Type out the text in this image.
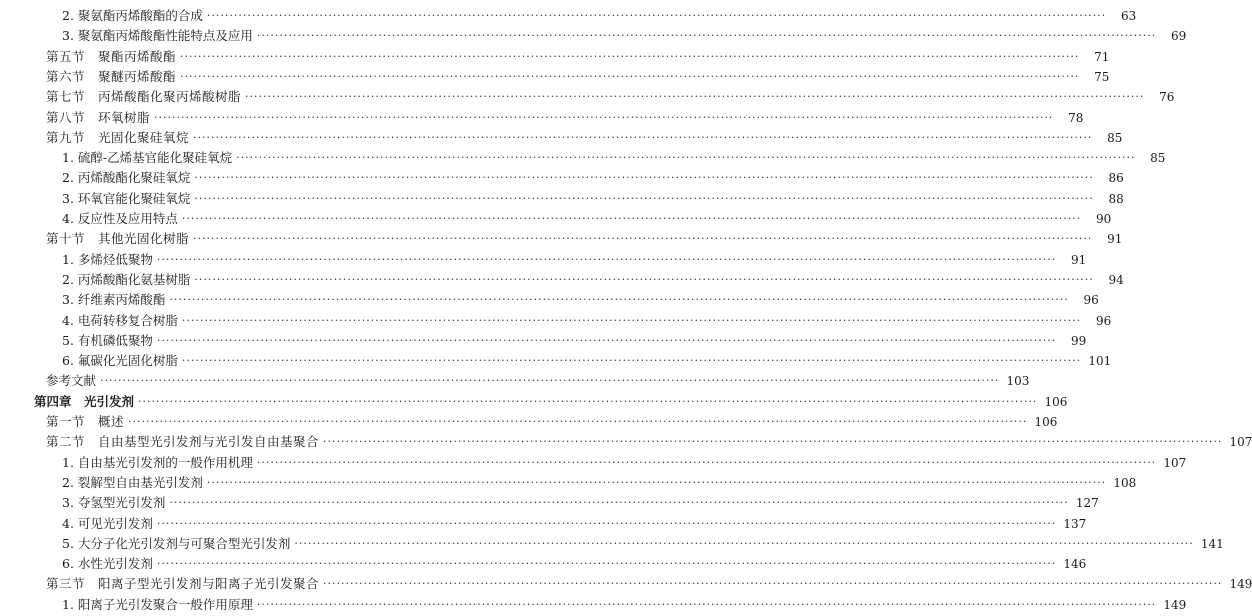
2. 聚氨酯丙烯酸酯的合成 ········································································································································································································	63
3. 聚氨酯丙烯酸酯性能特点及应用 ········································································································································································································	69
第五节　聚酯丙烯酸酯 ········································································································································································································	71
第六节　聚醚丙烯酸酯 ········································································································································································································	75
第七节　丙烯酸酯化聚丙烯酸树脂 ········································································································································································································	76
第八节　环氧树脂 ········································································································································································································	78
第九节　光固化聚硅氧烷 ········································································································································································································	85
1. 硫醇-乙烯基官能化聚硅氧烷 ········································································································································································································	85
2. 丙烯酸酯化聚硅氧烷 ········································································································································································································	86
3. 环氧官能化聚硅氧烷 ········································································································································································································	88
4. 反应性及应用特点 ········································································································································································································	90
第十节　其他光固化树脂 ········································································································································································································	91
1. 多烯烃低聚物 ········································································································································································································	91
2. 丙烯酸酯化氨基树脂 ········································································································································································································	94
3. 纤维素丙烯酸酯 ········································································································································································································	96
4. 电荷转移复合树脂 ········································································································································································································	96
5. 有机磷低聚物 ········································································································································································································	99
6. 氟碳化光固化树脂 ········································································································································································································ 101
参考文献 ········································································································································································································ 103
第四章　光引发剂 ········································································································································································································ 106
第一节　概述 ········································································································································································································ 106
第二节　自由基型光引发剂与光引发自由基聚合 ········································································································································································································ 107
1. 自由基光引发剂的一般作用机理 ········································································································································································································ 107
2. 裂解型自由基光引发剂 ········································································································································································································ 108
3. 夺氢型光引发剂 ········································································································································································································ 127
4. 可见光引发剂 ········································································································································································································ 137
5. 大分子化光引发剂与可聚合型光引发剂 ········································································································································································································ 141
6. 水性光引发剂 ········································································································································································································ 146
第三节　阳离子型光引发剂与阳离子光引发聚合 ········································································································································································································ 149
1. 阳离子光引发聚合一般作用原理 ········································································································································································································ 149
